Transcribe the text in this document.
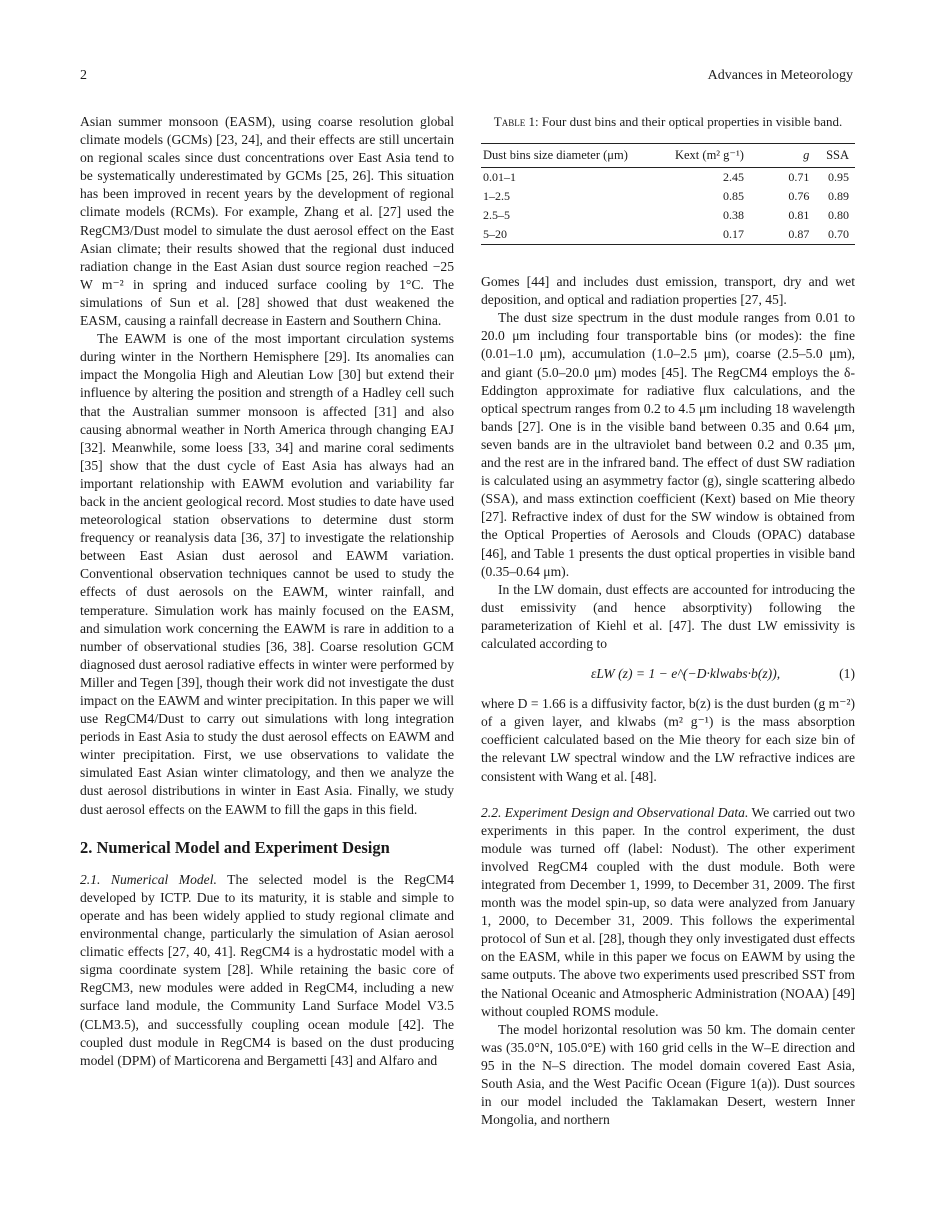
2	Advances in Meteorology

Asian summer monsoon (EASM), using coarse resolution global climate models (GCMs) [23, 24], and their effects are still uncertain on regional scales since dust concentrations over East Asia tend to be systematically underestimated by GCMs [25, 26]. This situation has been improved in recent years by the development of regional climate models (RCMs). For example, Zhang et al. [27] used the RegCM3/Dust model to simulate the dust aerosol effect on the East Asian climate; their results showed that the regional dust induced radiation change in the East Asian dust source region reached −25 W m⁻² in spring and induced surface cooling by 1°C. The simulations of Sun et al. [28] showed that dust weakened the EASM, causing a rainfall decrease in Eastern and Southern China.

The EAWM is one of the most important circulation systems during winter in the Northern Hemisphere [29]. Its anomalies can impact the Mongolia High and Aleutian Low [30] but extend their influence by altering the position and strength of a Hadley cell such that the Australian summer monsoon is affected [31] and also causing abnormal weather in North America through changing EAJ [32]. Meanwhile, some loess [33, 34] and marine coral sediments [35] show that the dust cycle of East Asia has always had an important relationship with EAWM evolution and variability far back in the ancient geological record. Most studies to date have used meteorological station observations to determine dust storm frequency or reanalysis data [36, 37] to investigate the relationship between East Asian dust aerosol and EAWM variation. Conventional observation techniques cannot be used to study the effects of dust aerosols on the EAWM, winter rainfall, and temperature. Simulation work has mainly focused on the EASM, and simulation work concerning the EAWM is rare in addition to a number of observational studies [36, 38]. Coarse resolution GCM diagnosed dust aerosol radiative effects in winter were performed by Miller and Tegen [39], though their work did not investigate the dust impact on the EAWM and winter precipitation. In this paper we will use RegCM4/Dust to carry out simulations with long integration periods in East Asia to study the dust aerosol effects on EAWM and winter precipitation. First, we use observations to validate the simulated East Asian winter climatology, and then we analyze the dust aerosol distributions in winter in East Asia. Finally, we study dust aerosol effects on the EAWM to fill the gaps in this field.

2. Numerical Model and Experiment Design

2.1. Numerical Model. The selected model is the RegCM4 developed by ICTP. Due to its maturity, it is stable and simple to operate and has been widely applied to study regional climate and environmental change, particularly the simulation of Asian aerosol climatic effects [27, 40, 41]. RegCM4 is a hydrostatic model with a sigma coordinate system [28]. While retaining the basic core of RegCM3, new modules were added in RegCM4, including a new surface land module, the Community Land Surface Model V3.5 (CLM3.5), and successfully coupling ocean module [42]. The coupled dust module in RegCM4 is based on the dust producing model (DPM) of Marticorena and Bergametti [43] and Alfaro and

Table 1: Four dust bins and their optical properties in visible band.
Dust bins size diameter (μm)	Kext (m² g⁻¹)	g	SSA
0.01–1	2.45	0.71	0.95
1–2.5	0.85	0.76	0.89
2.5–5	0.38	0.81	0.80
5–20	0.17	0.87	0.70

Gomes [44] and includes dust emission, transport, dry and wet deposition, and optical and radiation properties [27, 45].

The dust size spectrum in the dust module ranges from 0.01 to 20.0 μm including four transportable bins (or modes): the fine (0.01–1.0 μm), accumulation (1.0–2.5 μm), coarse (2.5–5.0 μm), and giant (5.0–20.0 μm) modes [45]. The RegCM4 employs the δ-Eddington approximate for radiative flux calculations, and the optical spectrum ranges from 0.2 to 4.5 μm including 18 wavelength bands [27]. One is in the visible band between 0.35 and 0.64 μm, seven bands are in the ultraviolet band between 0.2 and 0.35 μm, and the rest are in the infrared band. The effect of dust SW radiation is calculated using an asymmetry factor (g), single scattering albedo (SSA), and mass extinction coefficient (Kext) based on Mie theory [27]. Refractive index of dust for the SW window is obtained from the Optical Properties of Aerosols and Clouds (OPAC) database [46], and Table 1 presents the dust optical properties in visible band (0.35–0.64 μm).

In the LW domain, dust effects are accounted for introducing the dust emissivity (and hence absorptivity) following the parameterization of Kiehl et al. [47]. The dust LW emissivity is calculated according to

εLW (z) = 1 − e^(−D·klwabs·b(z)),	(1)

where D = 1.66 is a diffusivity factor, b(z) is the dust burden (g m⁻²) of a given layer, and klwabs (m² g⁻¹) is the mass absorption coefficient calculated based on the Mie theory for each size bin of the relevant LW spectral window and the LW refractive indices are consistent with Wang et al. [48].

2.2. Experiment Design and Observational Data. We carried out two experiments in this paper. In the control experiment, the dust module was turned off (label: Nodust). The other experiment involved RegCM4 coupled with the dust module. Both were integrated from December 1, 1999, to December 31, 2009. The first month was the model spin-up, so data were analyzed from January 1, 2000, to December 31, 2009. This follows the experimental protocol of Sun et al. [28], though they only investigated dust effects on the EASM, while in this paper we focus on EAWM by using the same outputs. The above two experiments used prescribed SST from the National Oceanic and Atmospheric Administration (NOAA) [49] without coupled ROMS module.

The model horizontal resolution was 50 km. The domain center was (35.0°N, 105.0°E) with 160 grid cells in the W–E direction and 95 in the N–S direction. The model domain covered East Asia, South Asia, and the West Pacific Ocean (Figure 1(a)). Dust sources in our model included the Taklamakan Desert, western Inner Mongolia, and northern
